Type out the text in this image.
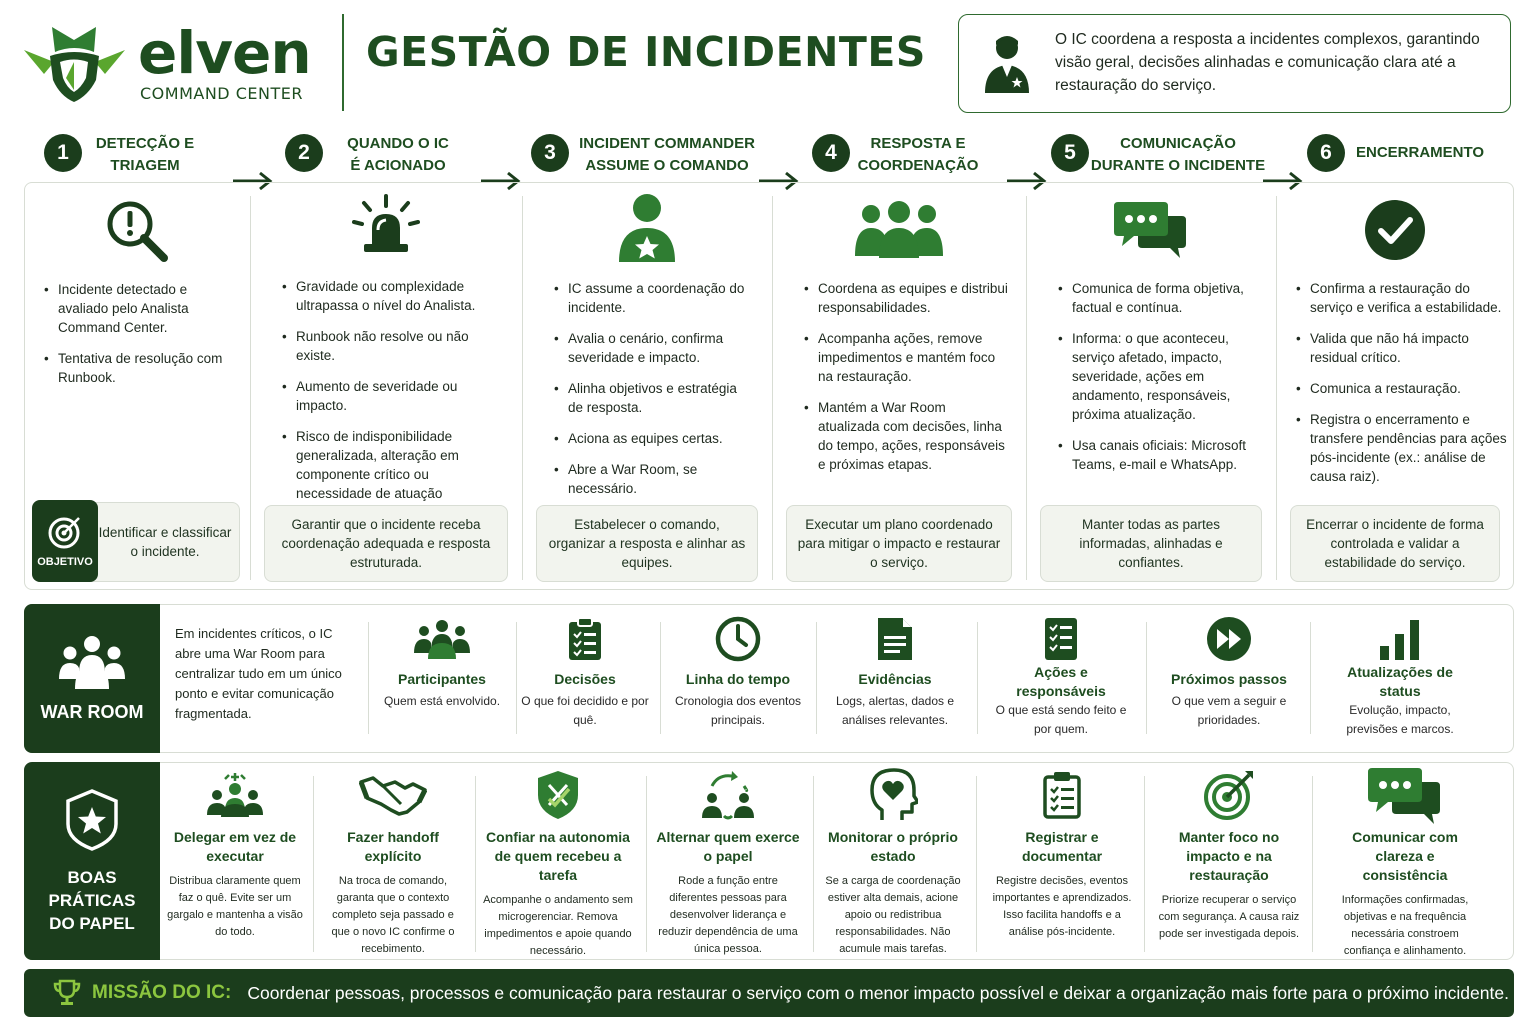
elven
COMMAND CENTER
GESTÃO DE INCIDENTES	O IC coordena a resposta a incidentes complexos, garantindo visão geral, decisões alinhadas e comunicação clara até a restauração do serviço.
1	DETECÇÃO E
TRIAGEM
2	QUANDO O IC
É ACIONADO
3	INCIDENT COMMANDER
ASSUME O COMANDO
4	RESPOSTA E
COORDENAÇÃO
5	COMUNICAÇÃO
DURANTE O INCIDENTE
6	ENCERRAMENTO
• Incidente detectado e avaliado pelo Analista Command Center.
• Tentativa de resolução com Runbook.
Identificar e classificar o incidente.
OBJETIVO
• Gravidade ou complexidade ultrapassa o nível do Analista.
• Runbook não resolve ou não existe.
• Aumento de severidade ou impacto.
• Risco de indisponibilidade generalizada, alteração em componente crítico ou necessidade de atuação
Garantir que o incidente receba coordenação adequada e resposta estruturada.
• IC assume a coordenação do incidente.
• Avalia o cenário, confirma severidade e impacto.
• Alinha objetivos e estratégia de resposta.
• Aciona as equipes certas.
• Abre a War Room, se necessário.
Estabelecer o comando, organizar a resposta e alinhar as equipes.
• Coordena as equipes e distribui responsabilidades.
• Acompanha ações, remove impedimentos e mantém foco na restauração.
• Mantém a War Room atualizada com decisões, linha do tempo, ações, responsáveis e próximas etapas.
Executar um plano coordenado para mitigar o impacto e restaurar o serviço.
• Comunica de forma objetiva, factual e contínua.
• Informa: o que aconteceu, serviço afetado, impacto, severidade, ações em andamento, responsáveis, próxima atualização.
• Usa canais oficiais: Microsoft Teams, e-mail e WhatsApp.
Manter todas as partes informadas, alinhadas e confiantes.
• Confirma a restauração do serviço e verifica a estabilidade.
• Valida que não há impacto residual crítico.
• Comunica a restauração.
• Registra o encerramento e transfere pendências para ações pós-incidente (ex.: análise de causa raiz).
Encerrar o incidente de forma controlada e validar a estabilidade do serviço.
WAR ROOM
Em incidentes críticos, o IC abre uma War Room para centralizar tudo em um único ponto e evitar comunicação fragmentada.
Participantes
Quem está envolvido.
Decisões
O que foi decidido e por quê.
Linha do tempo
Cronologia dos eventos principais.
Evidências
Logs, alertas, dados e análises relevantes.
Ações e responsáveis
O que está sendo feito e por quem.
Próximos passos
O que vem a seguir e prioridades.
Atualizações de status
Evolução, impacto, previsões e marcos.
BOAS PRÁTICAS
DO PAPEL
Delegar em vez de executar
Distribua claramente quem faz o quê. Evite ser um gargalo e mantenha a visão do todo.
Fazer handoff explícito
Na troca de comando, garanta que o contexto completo seja passado e que o novo IC confirme o recebimento.
Confiar na autonomia de quem recebeu a tarefa
Acompanhe o andamento sem microgerenciar. Remova impedimentos e apoie quando necessário.
Alternar quem exerce o papel
Rode a função entre diferentes pessoas para desenvolver liderança e reduzir dependência de uma única pessoa.
Monitorar o próprio estado
Se a carga de coordenação estiver alta demais, acione apoio ou redistribua responsabilidades. Não acumule mais tarefas.
Registrar e documentar
Registre decisões, eventos importantes e aprendizados. Isso facilita handoffs e a análise pós-incidente.
Manter foco no impacto e na restauração
Priorize recuperar o serviço com segurança. A causa raiz pode ser investigada depois.
Comunicar com clareza e consistência
Informações confirmadas, objetivas e na frequência necessária constroem confiança e alinhamento.
MISSÃO DO IC: Coordenar pessoas, processos e comunicação para restaurar o serviço com o menor impacto possível e deixar a organização mais forte para o próximo incidente.
